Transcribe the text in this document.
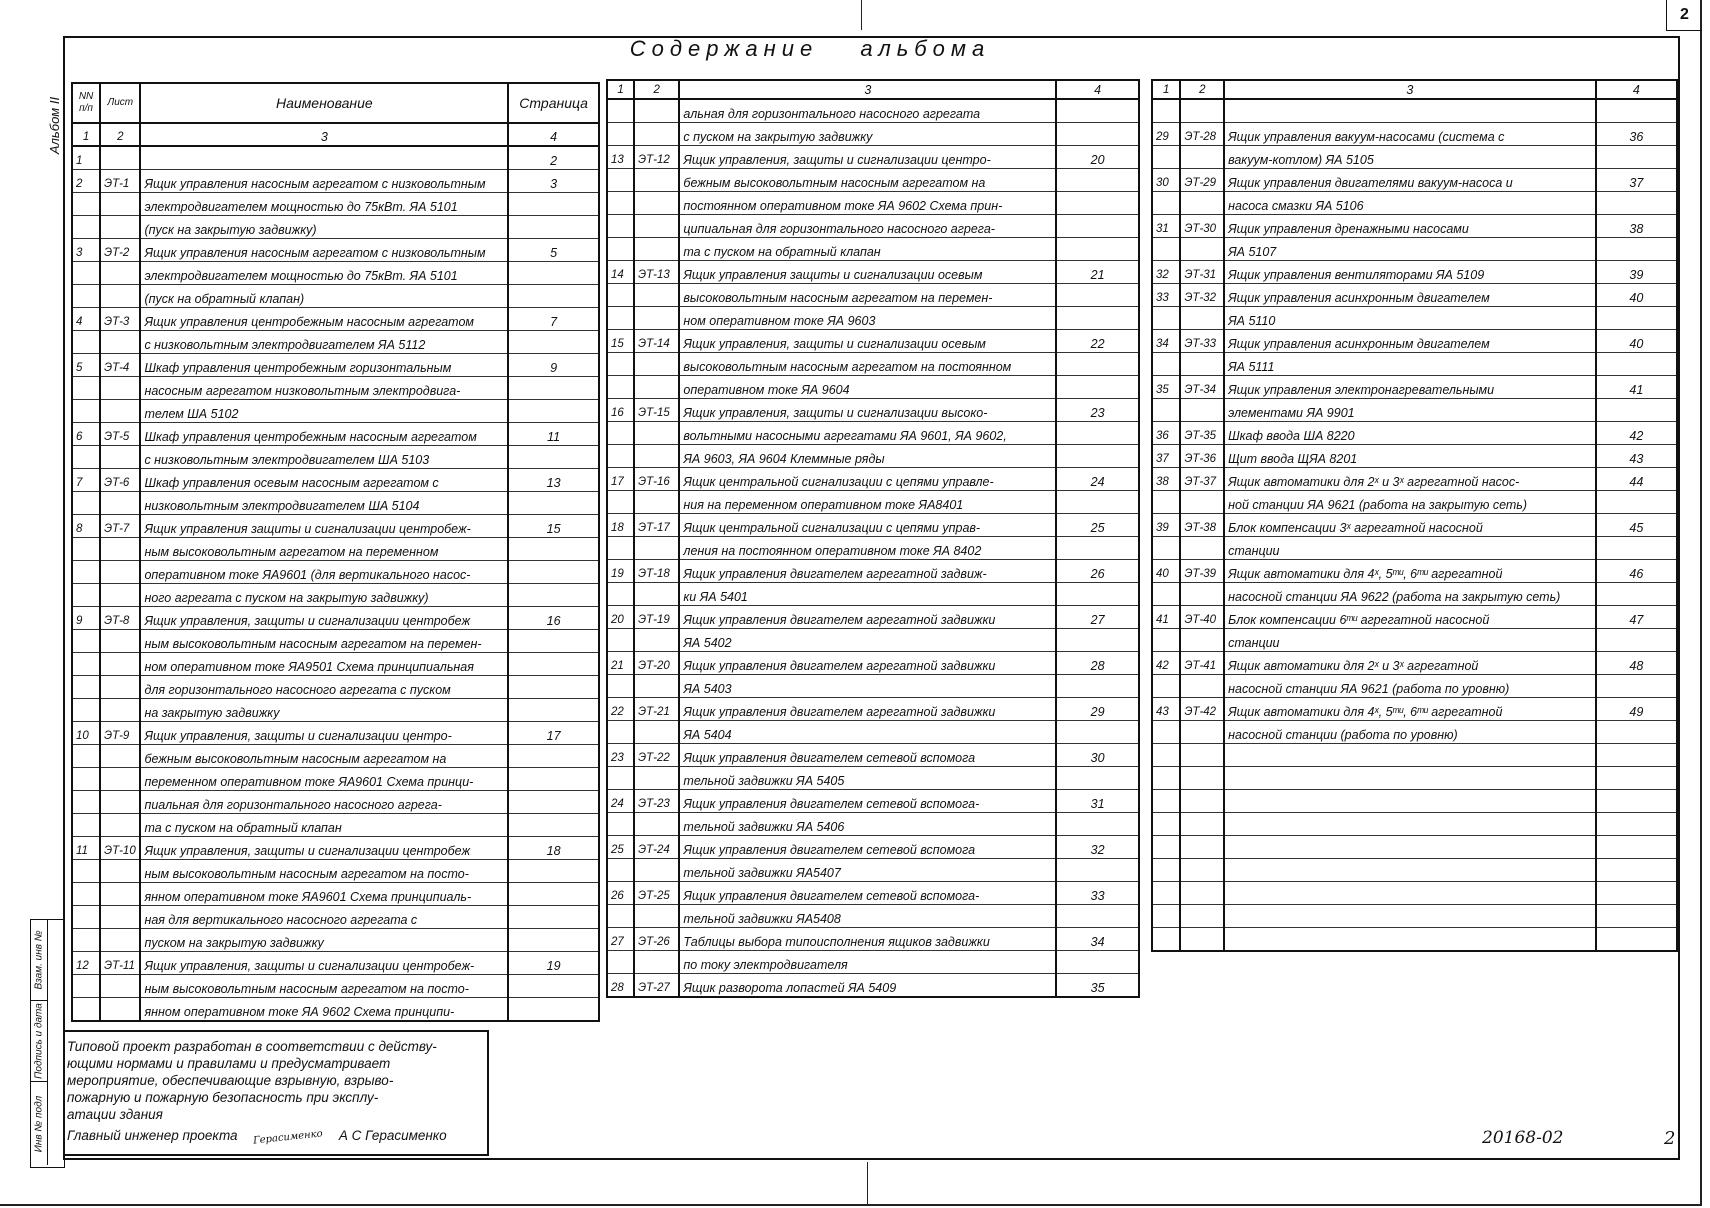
2
Альбом II
Содержание альбома
NN п/п	Лист	Наименование	Страница
1	2	3	4
1			2
2	ЭТ-1	Ящик управления насосным агрегатом с низковольтным	3
		электродвигателем мощностью до 75кВт. ЯА 5101	
		(пуск на закрытую задвижку)	
3	ЭТ-2	Ящик управления насосным агрегатом с низковольтным	5
		электродвигателем мощностью до 75кВт. ЯА 5101	
		(пуск на обратный клапан)	
4	ЭТ-3	Ящик управления центробежным насосным агрегатом	7
		с низковольтным электродвигателем ЯА 5112	
5	ЭТ-4	Шкаф управления центробежным горизонтальным	9
		насосным агрегатом низковольтным электродвига-	
		телем ША 5102	
6	ЭТ-5	Шкаф управления центробежным насосным агрегатом	11
		с низковольтным электродвигателем ША 5103	
7	ЭТ-6	Шкаф управления осевым насосным агрегатом с	13
		низковольтным электродвигателем ША 5104	
8	ЭТ-7	Ящик управления защиты и сигнализации центробеж-	15
		ным высоковольтным агрегатом на переменном	
		оперативном токе ЯА9601 (для вертикального насос-	
		ного агрегата с пуском на закрытую задвижку)	
9	ЭТ-8	Ящик управления, защиты и сигнализации центробеж	16
		ным высоковольтным насосным агрегатом на перемен-	
		ном оперативном токе ЯА9501 Схема принципиальная	
		для горизонтального насосного агрегата с пуском	
		на закрытую задвижку	
10	ЭТ-9	Ящик управления, защиты и сигнализации центро-	17
		бежным высоковольтным насосным агрегатом на	
		переменном оперативном токе ЯА9601 Схема принци-	
		пиальная для горизонтального насосного агрега-	
		та с пуском на обратный клапан	
11	ЭТ-10	Ящик управления, защиты и сигнализации центробеж	18
		ным высоковольтным насосным агрегатом на посто-	
		янном оперативном токе ЯА9601 Схема принципиаль-	
		ная для вертикального насосного агрегата с	
		пуском на закрытую задвижку	
12	ЭТ-11	Ящик управления, защиты и сигнализации центробеж-	19
		ным высоковольтным насосным агрегатом на посто-	
		янном оперативном токе ЯА 9602 Схема принципи-	
1	2	3	4
		альная для горизонтального насосного агрегата	
		с пуском на закрытую задвижку	
13	ЭТ-12	Ящик управления, защиты и сигнализации центро-	20
		бежным высоковольтным насосным агрегатом на	
		постоянном оперативном токе ЯА 9602 Схема прин-	
		ципиальная для горизонтального насосного агрега-	
		та с пуском на обратный клапан	
14	ЭТ-13	Ящик управления защиты и сигнализации осевым	21
		высоковольтным насосным агрегатом на перемен-	
		ном оперативном токе ЯА 9603	
15	ЭТ-14	Ящик управления, защиты и сигнализации осевым	22
		высоковольтным насосным агрегатом на постоянном	
		оперативном токе ЯА 9604	
16	ЭТ-15	Ящик управления, защиты и сигнализации высоко-	23
		вольтными насосными агрегатами ЯА 9601, ЯА 9602,	
		ЯА 9603, ЯА 9604 Клеммные ряды	
17	ЭТ-16	Ящик центральной сигнализации с цепями управле-	24
		ния на переменном оперативном токе ЯА8401	
18	ЭТ-17	Ящик центральной сигнализации с цепями управ-	25
		ления на постоянном оперативном токе ЯА 8402	
19	ЭТ-18	Ящик управления двигателем агрегатной задвиж-	26
		ки ЯА 5401	
20	ЭТ-19	Ящик управления двигателем агрегатной задвижки	27
		ЯА 5402	
21	ЭТ-20	Ящик управления двигателем агрегатной задвижки	28
		ЯА 5403	
22	ЭТ-21	Ящик управления двигателем агрегатной задвижки	29
		ЯА 5404	
23	ЭТ-22	Ящик управления двигателем сетевой вспомога	30
		тельной задвижки ЯА 5405	
24	ЭТ-23	Ящик управления двигателем сетевой вспомога-	31
		тельной задвижки ЯА 5406	
25	ЭТ-24	Ящик управления двигателем сетевой вспомога	32
		тельной задвижки ЯА5407	
26	ЭТ-25	Ящик управления двигателем сетевой вспомога-	33
		тельной задвижки ЯА5408	
27	ЭТ-26	Таблицы выбора типоисполнения ящиков задвижки	34
		по току электродвигателя	
28	ЭТ-27	Ящик разворота лопастей ЯА 5409	35
1	2	3	4

29	ЭТ-28	Ящик управления вакуум-насосами (система с	36
		вакуум-котлом) ЯА 5105	
30	ЭТ-29	Ящик управления двигателями вакуум-насоса и	37
		насоса смазки ЯА 5106	
31	ЭТ-30	Ящик управления дренажными насосами	38
		ЯА 5107	
32	ЭТ-31	Ящик управления вентиляторами ЯА 5109	39
33	ЭТ-32	Ящик управления асинхронным двигателем	40
		ЯА 5110	
34	ЭТ-33	Ящик управления асинхронным двигателем	40
		ЯА 5111	
35	ЭТ-34	Ящик управления электронагревательными	41
		элементами ЯА 9901	
36	ЭТ-35	Шкаф ввода ША 8220	42
37	ЭТ-36	Щит ввода ЩЯА 8201	43
38	ЭТ-37	Ящик автоматики для 2ˣ и 3ˣ агрегатной насос-	44
		ной станции ЯА 9621 (работа на закрытую сеть)	
39	ЭТ-38	Блок компенсации 3ˣ агрегатной насосной	45
		станции	
40	ЭТ-39	Ящик автоматики для 4ˣ, 5ᵐᵘ, 6ᵐᵘ агрегатной	46
		насосной станции ЯА 9622 (работа на закрытую сеть)	
41	ЭТ-40	Блок компенсации 6ᵐᵘ агрегатной насосной	47
		станции	
42	ЭТ-41	Ящик автоматики для 2ˣ и 3ˣ агрегатной	48
		насосной станции ЯА 9621 (работа по уровню)	
43	ЭТ-42	Ящик автоматики для 4ˣ, 5ᵐᵘ, 6ᵐᵘ агрегатной	49
		насосной станции (работа по уровню)	

Типовой проект разработан в соответствии с действу-
ющими нормами и правилами и предусматривает
мероприятие, обеспечивающие взрывную, взрыво-
пожарную и пожарную безопасность при эксплу-
атации здания
Главный инженер проекта Герасименко А С Герасименко
Взам. инв №
Подпись и дата
Инв № подл	20168-02	2
